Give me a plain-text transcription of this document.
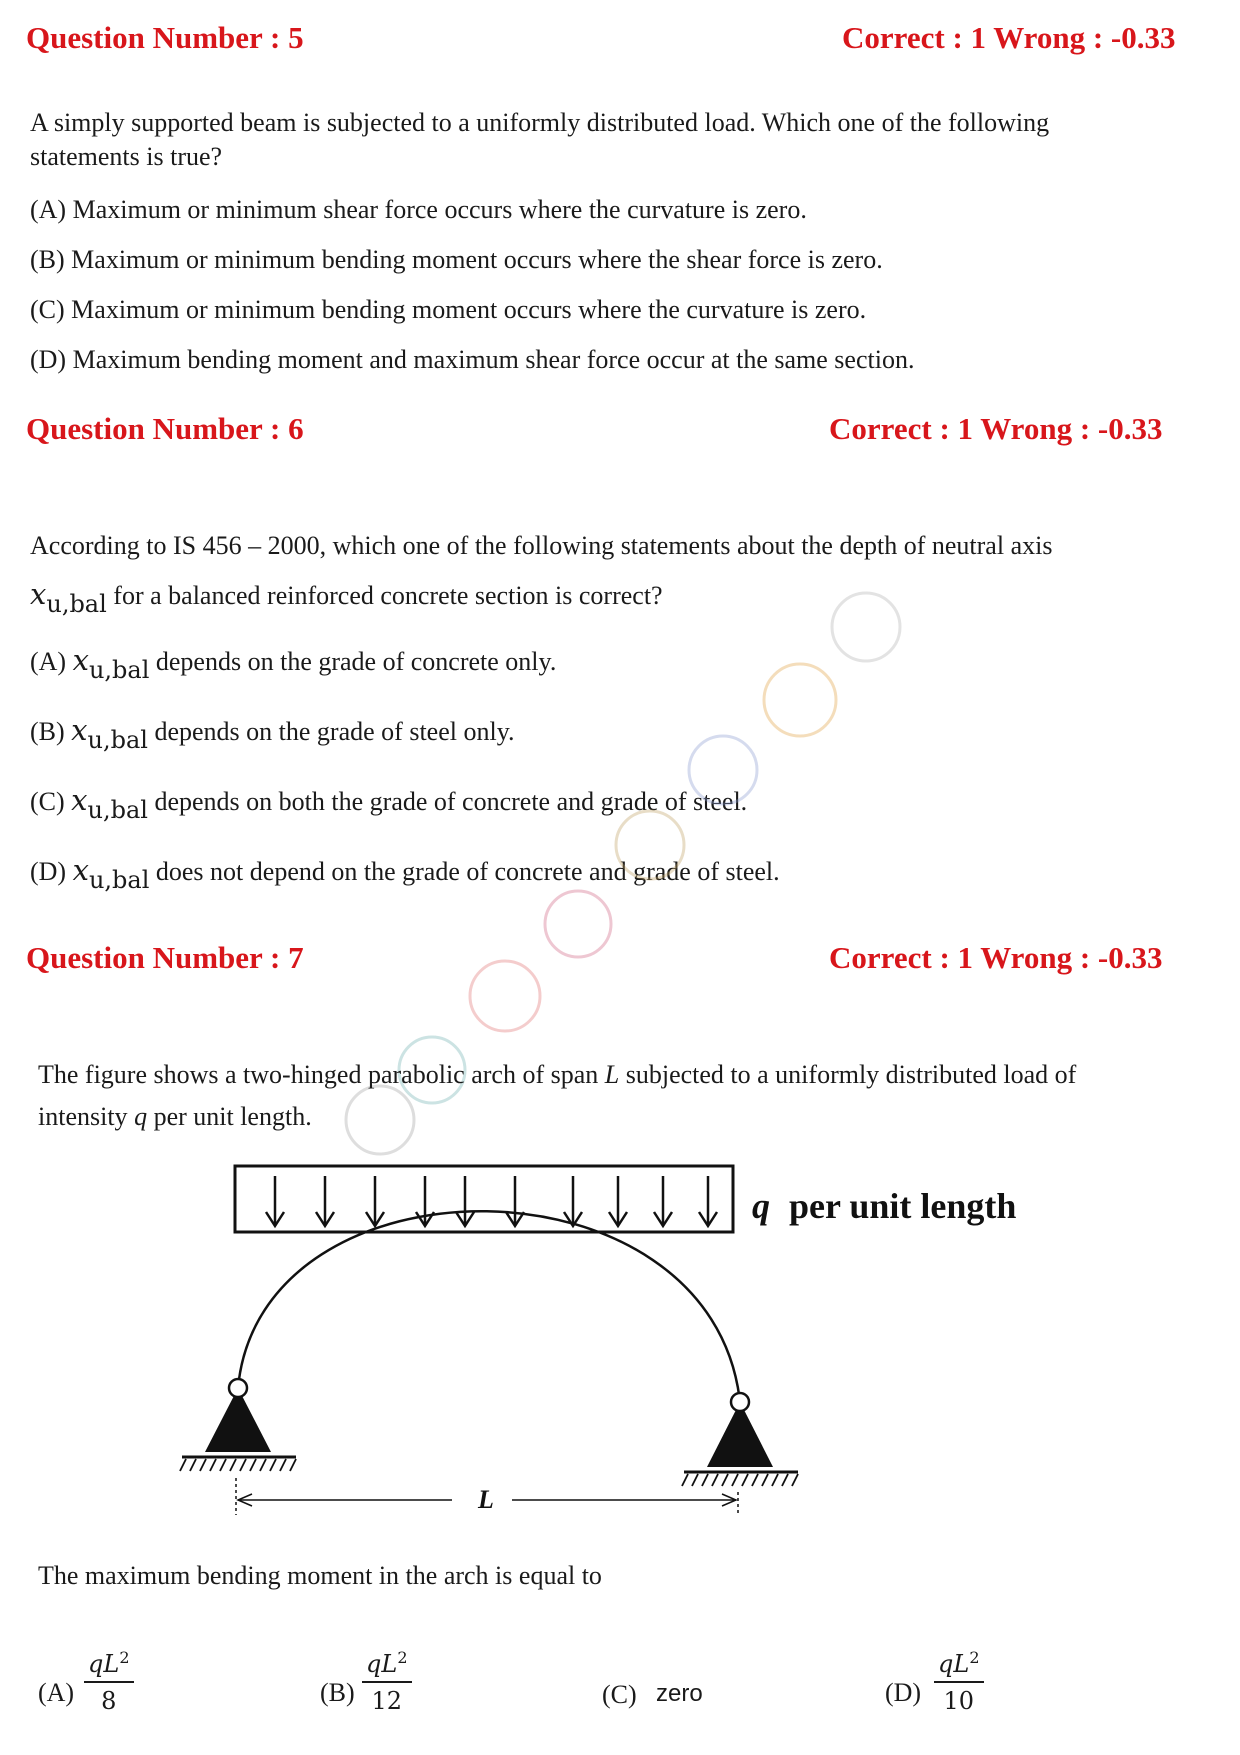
Question Number : 5	Correct : 1 Wrong : -0.33
A simply supported beam is subjected to a uniformly distributed load. Which one of the following
statements is true?
(A) Maximum or minimum shear force occurs where the curvature is zero.
(B) Maximum or minimum bending moment occurs where the shear force is zero.
(C) Maximum or minimum bending moment occurs where the curvature is zero.
(D) Maximum bending moment and maximum shear force occur at the same section.
Question Number : 6	Correct : 1 Wrong : -0.33
According to IS 456 – 2000, which one of the following statements about the depth of neutral axis
xu,bal for a balanced reinforced concrete section is correct?
(A) xu,bal depends on the grade of concrete only.
(B) xu,bal depends on the grade of steel only.
(C) xu,bal depends on both the grade of concrete and grade of steel.
(D) xu,bal does not depend on the grade of concrete and grade of steel.
Question Number : 7	Correct : 1 Wrong : -0.33
The figure shows a two-hinged parabolic arch of span L subjected to a uniformly distributed load of
intensity q per unit length.
q per unit length
L
The maximum bending moment in the arch is equal to
$(A) \frac{qL^2}{8}$	$(B) \frac{qL^2}{12}$	(C) zero	$(D) \frac{qL^2}{10}$
